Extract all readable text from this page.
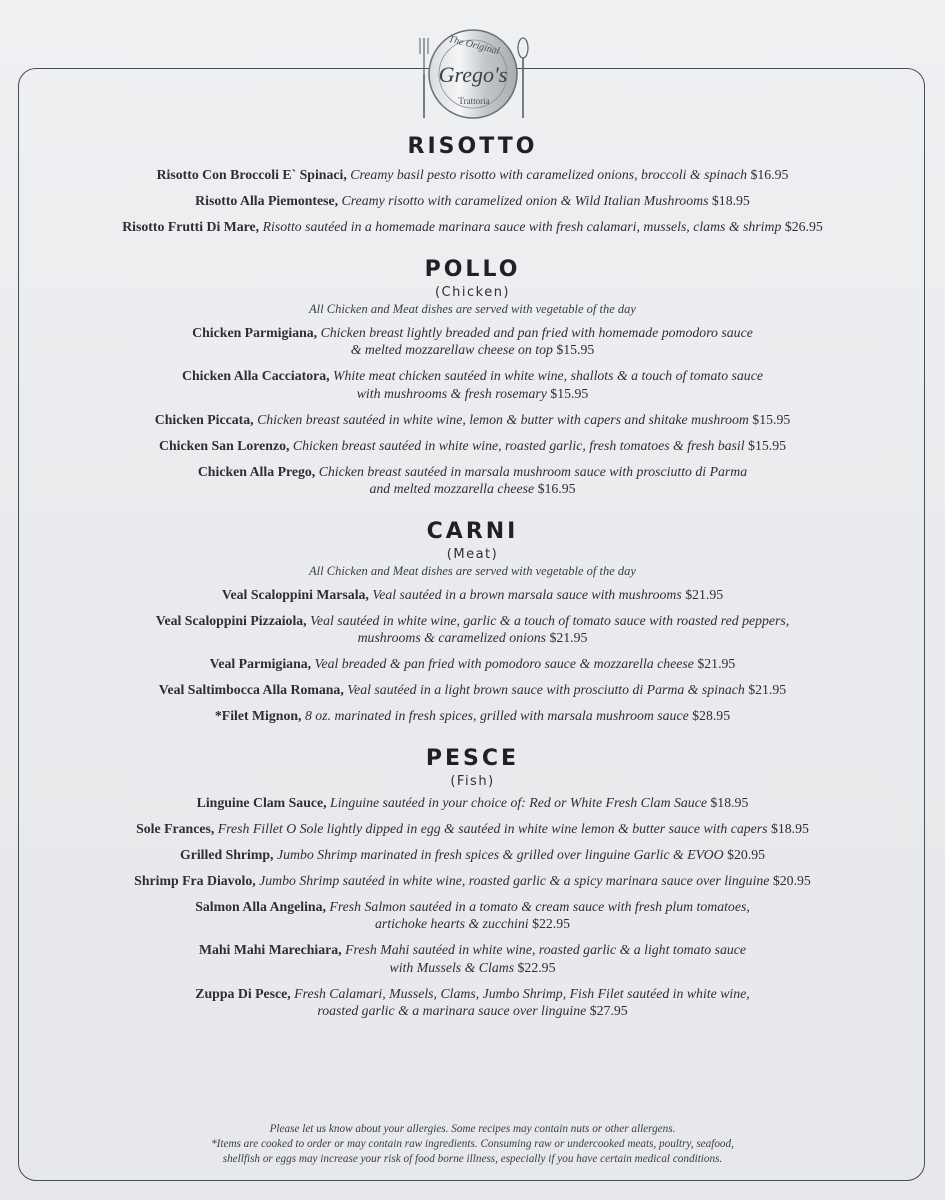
The Original
Grego's
Trattoria
RISOTTO

Risotto Con Broccoli E` Spinaci, Creamy basil pesto risotto with caramelized onions, broccoli & spinach $16.95

Risotto Alla Piemontese, Creamy risotto with caramelized onion & Wild Italian Mushrooms $18.95

Risotto Frutti Di Mare, Risotto sautéed in a homemade marinara sauce with fresh calamari, mussels, clams & shrimp $26.95

POLLO

(Chicken)

All Chicken and Meat dishes are served with vegetable of the day

Chicken Parmigiana, Chicken breast lightly breaded and pan fried with homemade pomodoro sauce
& melted mozzarellaw cheese on top $15.95

Chicken Alla Cacciatora, White meat chicken sautéed in white wine, shallots & a touch of tomato sauce
with mushrooms & fresh rosemary $15.95

Chicken Piccata, Chicken breast sautéed in white wine, lemon & butter with capers and shitake mushroom $15.95

Chicken San Lorenzo, Chicken breast sautéed in white wine, roasted garlic, fresh tomatoes & fresh basil $15.95

Chicken Alla Prego, Chicken breast sautéed in marsala mushroom sauce with prosciutto di Parma
and melted mozzarella cheese $16.95

CARNI

(Meat)

All Chicken and Meat dishes are served with vegetable of the day

Veal Scaloppini Marsala, Veal sautéed in a brown marsala sauce with mushrooms $21.95

Veal Scaloppini Pizzaiola, Veal sautéed in white wine, garlic & a touch of tomato sauce with roasted red peppers,
mushrooms & caramelized onions $21.95

Veal Parmigiana, Veal breaded & pan fried with pomodoro sauce & mozzarella cheese $21.95

Veal Saltimbocca Alla Romana, Veal sautéed in a light brown sauce with prosciutto di Parma & spinach $21.95

*Filet Mignon, 8 oz. marinated in fresh spices, grilled with marsala mushroom sauce $28.95

PESCE

(Fish)

Linguine Clam Sauce, Linguine sautéed in your choice of: Red or White Fresh Clam Sauce $18.95

Sole Frances, Fresh Fillet O Sole lightly dipped in egg & sautéed in white wine lemon & butter sauce with capers $18.95

Grilled Shrimp, Jumbo Shrimp marinated in fresh spices & grilled over linguine Garlic & EVOO $20.95

Shrimp Fra Diavolo, Jumbo Shrimp sautéed in white wine, roasted garlic & a spicy marinara sauce over linguine $20.95

Salmon Alla Angelina, Fresh Salmon sautéed in a tomato & cream sauce with fresh plum tomatoes,
artichoke hearts & zucchini $22.95

Mahi Mahi Marechiara, Fresh Mahi sautéed in white wine, roasted garlic & a light tomato sauce
with Mussels & Clams $22.95

Zuppa Di Pesce, Fresh Calamari, Mussels, Clams, Jumbo Shrimp, Fish Filet sautéed in white wine,
roasted garlic & a marinara sauce over linguine $27.95

Please let us know about your allergies. Some recipes may contain nuts or other allergens.

*Items are cooked to order or may contain raw ingredients. Consuming raw or undercooked meats, poultry, seafood,

shellfish or eggs may increase your risk of food borne illness, especially if you have certain medical conditions.
